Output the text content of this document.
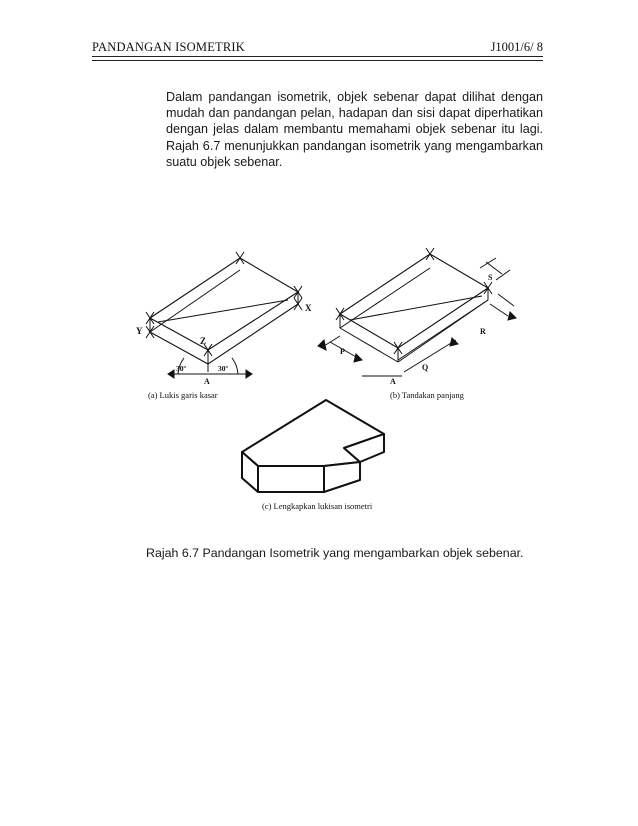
PANDANGAN ISOMETRIK	J1001/6/ 8
Dalam pandangan isometrik, objek sebenar dapat dilihat dengan mudah dan pandangan pelan, hadapan dan sisi dapat diperhatikan dengan jelas dalam membantu memahami objek sebenar itu lagi. Rajah 6.7 menunjukkan pandangan isometrik yang mengambarkan suatu objek sebenar.
X
Y
Z
30º	30º
A
(a) Lukis garis kasar
S
R
P
Q
A
(b) Tandakan panjang
(c) Lengkapkan lukisan isometri
Rajah 6.7 Pandangan Isometrik yang mengambarkan objek sebenar.
